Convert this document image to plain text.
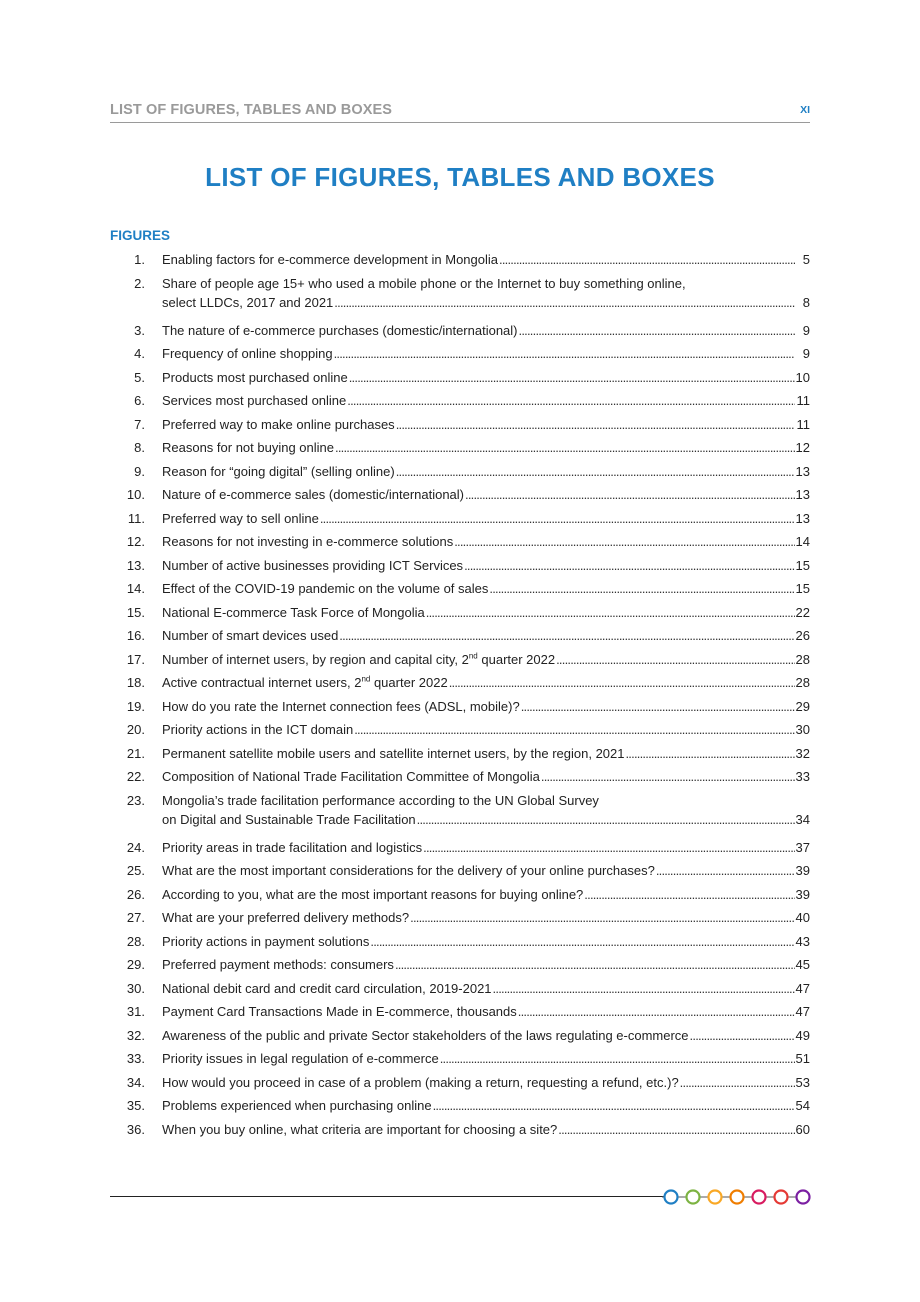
LIST OF FIGURES, TABLES AND BOXES	XI
LIST OF FIGURES, TABLES AND BOXES
FIGURES
1. Enabling factors for e-commerce development in Mongolia . . .	5
2. Share of people age 15+ who used a mobile phone or the Internet to buy something online,
select LLDCs, 2017 and 2021 . . .	8
3. The nature of e-commerce purchases (domestic/international) . . .	9
4. Frequency of online shopping . . .	9
5. Products most purchased online . . .	10
6. Services most purchased online . . .	11
7. Preferred way to make online purchases . . .	11
8. Reasons for not buying online . . .	12
9. Reason for “going digital” (selling online) . . .	13
10. Nature of e-commerce sales (domestic/international) . . .	13
11. Preferred way to sell online . . .	13
12. Reasons for not investing in e-commerce solutions . . .	14
13. Number of active businesses providing ICT Services . . .	15
14. Effect of the COVID-19 pandemic on the volume of sales . . .	15
15. National E-commerce Task Force of Mongolia . . .	22
16. Number of smart devices used . . .	26
17. Number of internet users, by region and capital city, 2nd quarter 2022 . . .	28
18. Active contractual internet users, 2nd quarter 2022 . . .	28
19. How do you rate the Internet connection fees (ADSL, mobile)? . . .	29
20. Priority actions in the ICT domain . . .	30
21. Permanent satellite mobile users and satellite internet users, by the region, 2021 . . .	32
22. Composition of National Trade Facilitation Committee of Mongolia . . .	33
23. Mongolia’s trade facilitation performance according to the UN Global Survey
on Digital and Sustainable Trade Facilitation . . .	34
24. Priority areas in trade facilitation and logistics . . .	37
25. What are the most important considerations for the delivery of your online purchases? . . .	39
26. According to you, what are the most important reasons for buying online? . . .	39
27. What are your preferred delivery methods? . . .	40
28. Priority actions in payment solutions . . .	43
29. Preferred payment methods: consumers . . .	45
30. National debit card and credit card circulation, 2019-2021 . . .	47
31. Payment Card Transactions Made in E-commerce, thousands . . .	47
32. Awareness of the public and private Sector stakeholders of the laws regulating e-commerce . . .	49
33. Priority issues in legal regulation of e-commerce . . .	51
34. How would you proceed in case of a problem (making a return, requesting a refund, etc.)? . . .	53
35. Problems experienced when purchasing online . . .	54
36. When you buy online, what criteria are important for choosing a site? . . .	60
